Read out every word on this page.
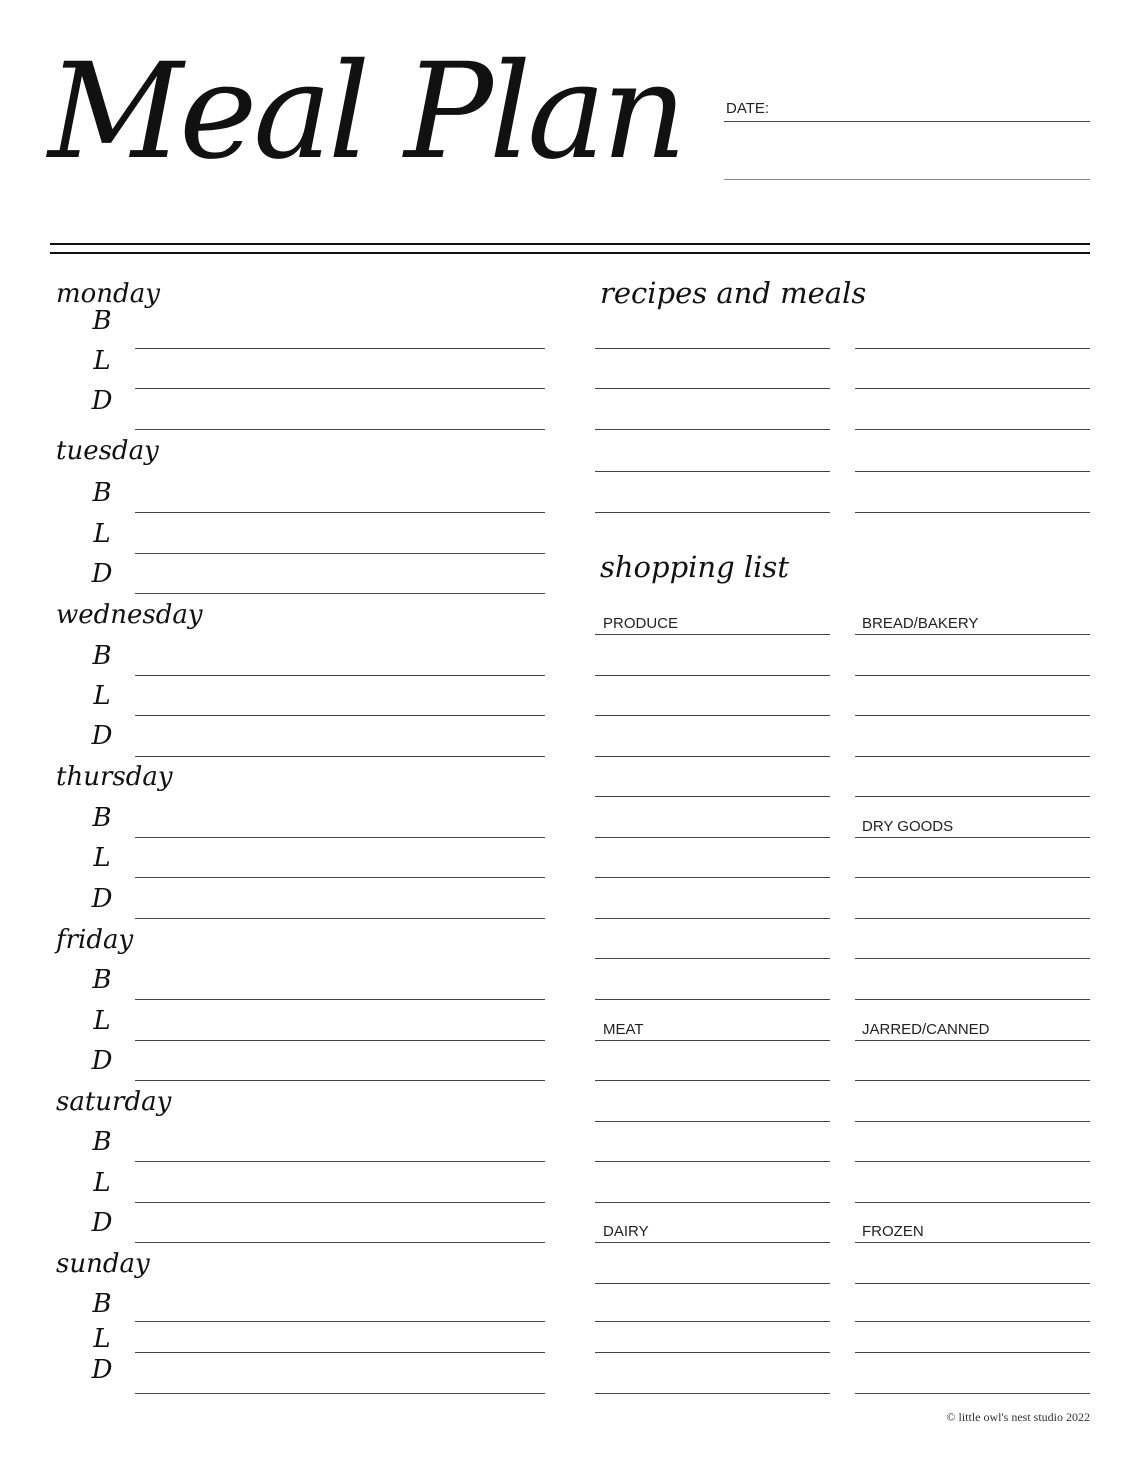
Meal Plan	DATE:
monday
B
L
D
tuesday
B
L
D
wednesday
B
L
D
thursday
B
L
D
friday
B
L
D
saturday
B
L
D
sunday
B
L
D
recipes and meals
shopping list
PRODUCE	BREAD/BAKERY
DRY GOODS
MEAT	JARRED/CANNED
DAIRY	FROZEN
© little owl's nest studio 2022
